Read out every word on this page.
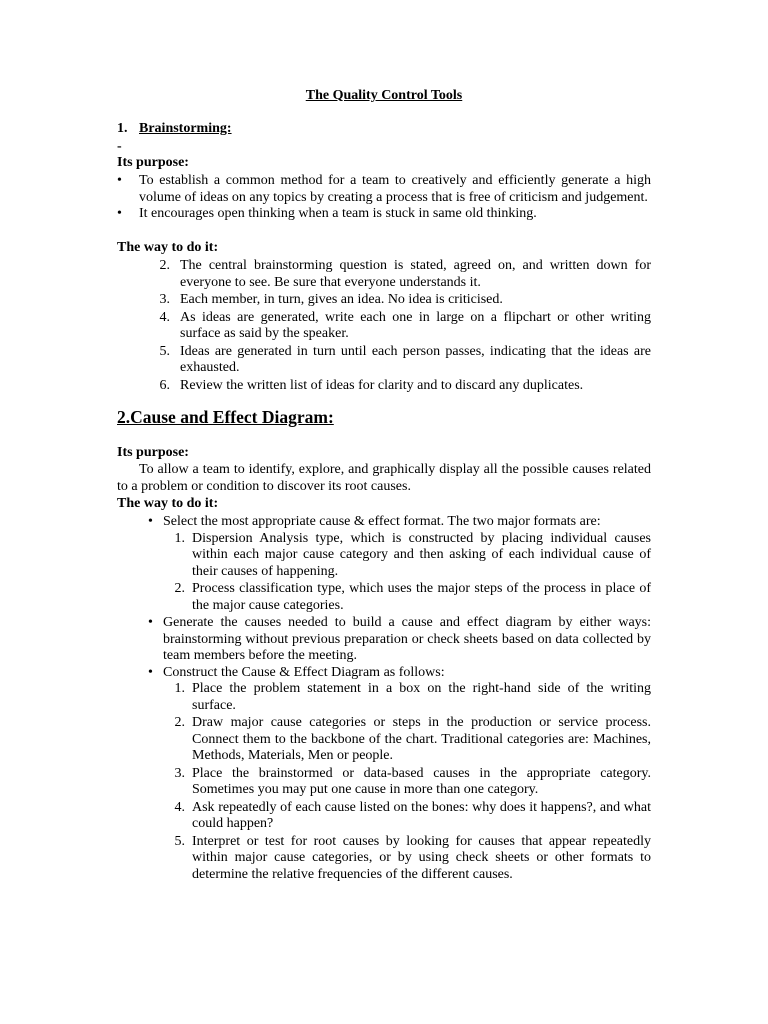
The Quality Control Tools
1. Brainstorming:
-
Its purpose:
•	To establish a common method for a team to creatively and efficiently generate a high volume of ideas on any topics by creating a process that is free of criticism and judgement.
•	It encourages open thinking when a team is stuck in same old thinking.
The way to do it:
2. The central brainstorming question is stated, agreed on, and written down for everyone to see. Be sure that everyone understands it.
3. Each member, in turn, gives an idea. No idea is criticised.
4. As ideas are generated, write each one in large on a flipchart or other writing surface as said by the speaker.
5. Ideas are generated in turn until each person passes, indicating that the ideas are exhausted.
6. Review the written list of ideas for clarity and to discard any duplicates.
2.Cause and Effect Diagram:
Its purpose:
To allow a team to identify, explore, and graphically display all the possible causes related to a problem or condition to discover its root causes.
The way to do it:
• Select the most appropriate cause & effect format. The two major formats are:
1. Dispersion Analysis type, which is constructed by placing individual causes within each major cause category and then asking of each individual cause of their causes of happening.
2. Process classification type, which uses the major steps of the process in place of the major cause categories.
• Generate the causes needed to build a cause and effect diagram by either ways: brainstorming without previous preparation or check sheets based on data collected by team members before the meeting.
• Construct the Cause & Effect Diagram as follows:
1. Place the problem statement in a box on the right-hand side of the writing surface.
2. Draw major cause categories or steps in the production or service process. Connect them to the backbone of the chart. Traditional categories are: Machines, Methods, Materials, Men or people.
3. Place the brainstormed or data-based causes in the appropriate category. Sometimes you may put one cause in more than one category.
4. Ask repeatedly of each cause listed on the bones: why does it happens?, and what could happen?
5. Interpret or test for root causes by looking for causes that appear repeatedly within major cause categories, or by using check sheets or other formats to determine the relative frequencies of the different causes.
